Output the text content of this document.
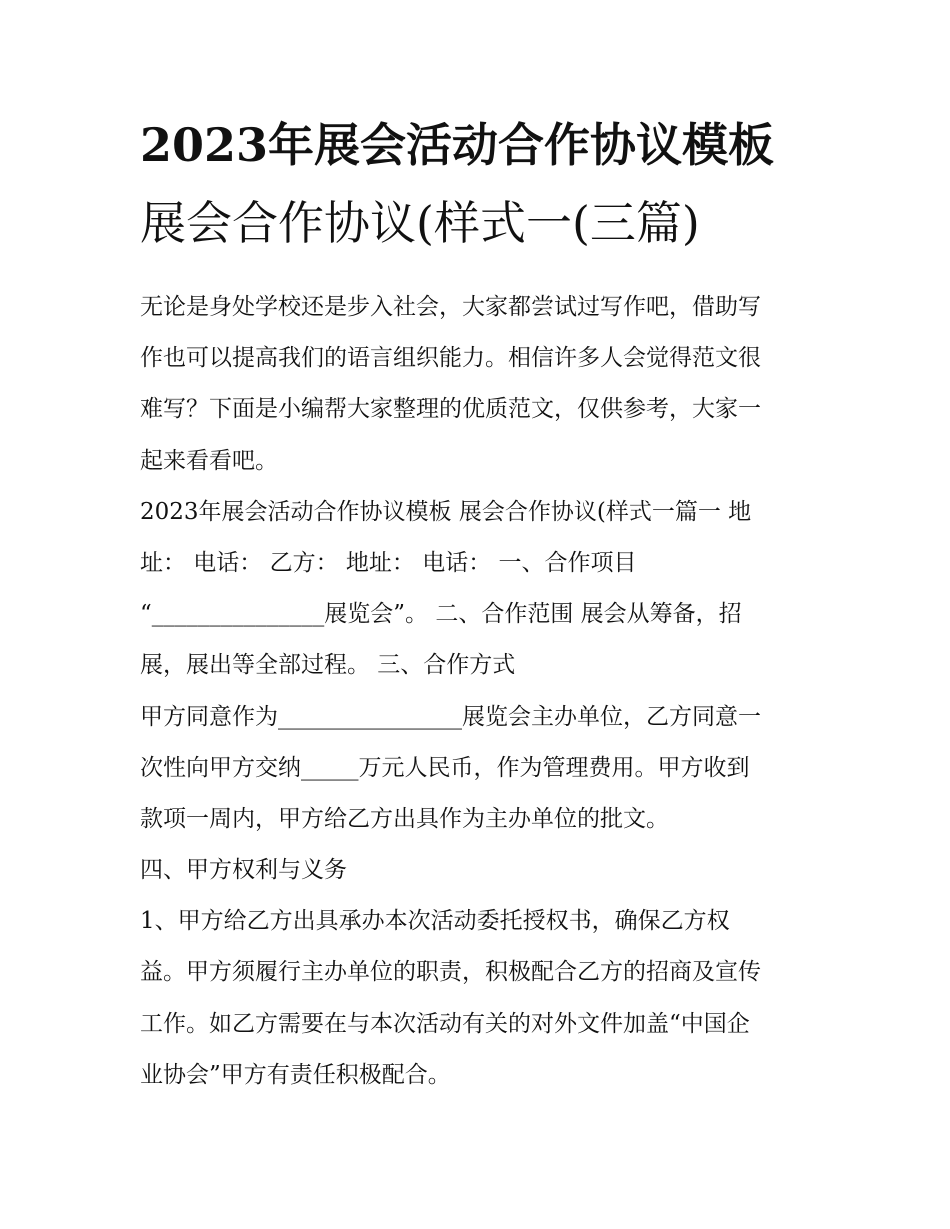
2023年展会活动合作协议模板
展会合作协议(样式一(三篇)
无论是身处学校还是步入社会，大家都尝试过写作吧，借助写
作也可以提高我们的语言组织能力。相信许多人会觉得范文很
难写？下面是小编帮大家整理的优质范文，仅供参考，大家一
起来看看吧。
2023年展会活动合作协议模板 展会合作协议(样式一篇一 地
址： 电话： 乙方： 地址： 电话： 一、合作项目
“_______________展览会”。 二、合作范围 展会从筹备，招
展，展出等全部过程。 三、合作方式
甲方同意作为________________展览会主办单位，乙方同意一
次性向甲方交纳_____万元人民币，作为管理费用。甲方收到
款项一周内，甲方给乙方出具作为主办单位的批文。
四、甲方权利与义务
1、甲方给乙方出具承办本次活动委托授权书，确保乙方权
益。甲方须履行主办单位的职责，积极配合乙方的招商及宣传
工作。如乙方需要在与本次活动有关的对外文件加盖“中国企
业协会”甲方有责任积极配合。
